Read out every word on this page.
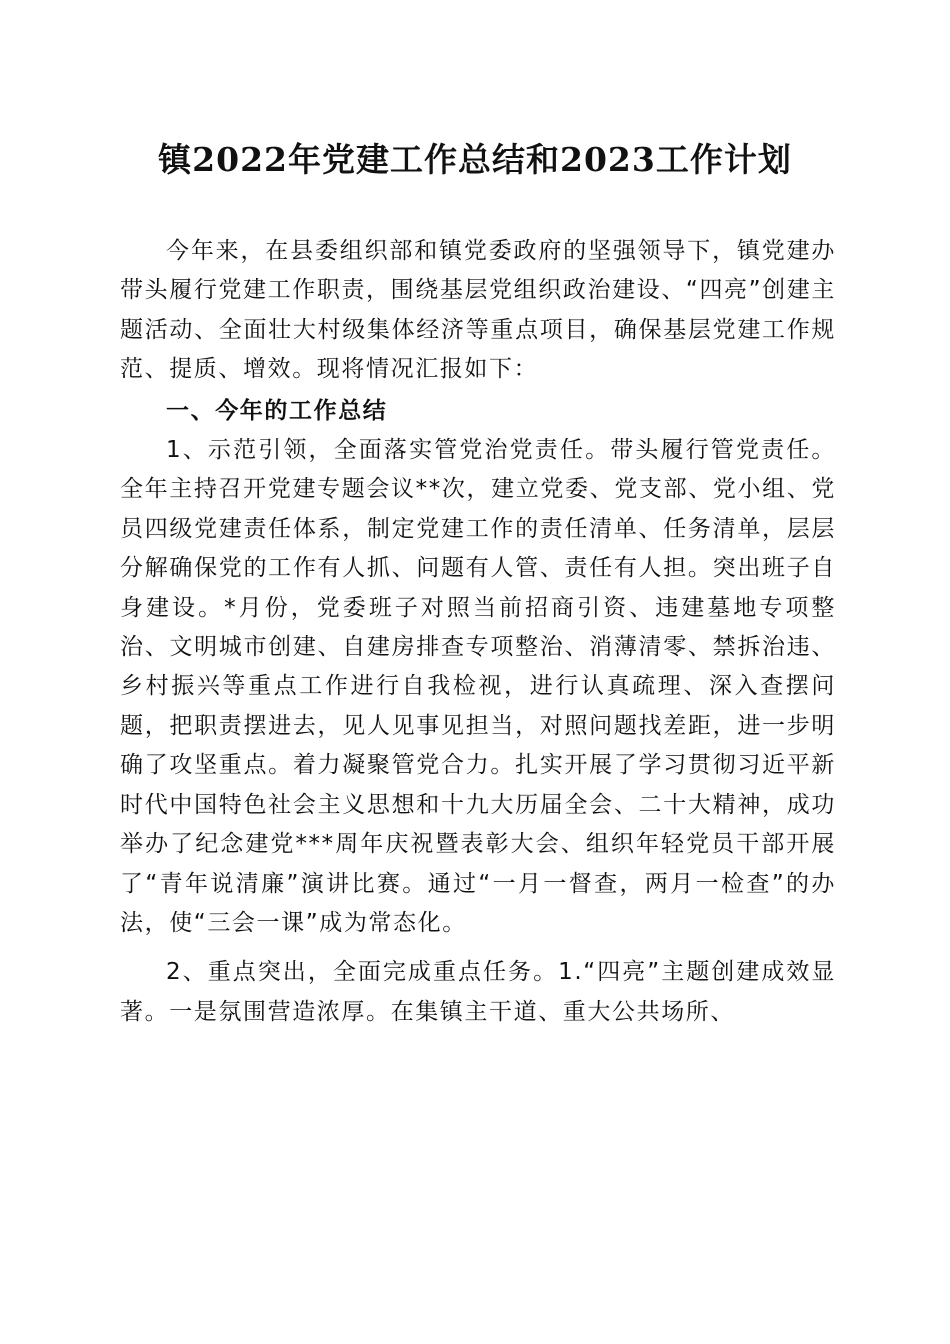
镇2022年党建工作总结和2023工作计划

今年来，在县委组织部和镇党委政府的坚强领导下，镇党建办带头履行党建工作职责，围绕基层党组织政治建设、“四亮”创建主题活动、全面壮大村级集体经济等重点项目，确保基层党建工作规范、提质、增效。现将情况汇报如下：

一、今年的工作总结

1、示范引领，全面落实管党治党责任。带头履行管党责任。全年主持召开党建专题会议**次，建立党委、党支部、党小组、党员四级党建责任体系，制定党建工作的责任清单、任务清单，层层分解确保党的工作有人抓、问题有人管、责任有人担。突出班子自身建设。*月份，党委班子对照当前招商引资、违建墓地专项整治、文明城市创建、自建房排查专项整治、消薄清零、禁拆治违、乡村振兴等重点工作进行自我检视，进行认真疏理、深入查摆问题，把职责摆进去，见人见事见担当，对照问题找差距，进一步明确了攻坚重点。着力凝聚管党合力。扎实开展了学习贯彻习近平新时代中国特色社会主义思想和十九大历届全会、二十大精神，成功举办了纪念建党***周年庆祝暨表彰大会、组织年轻党员干部开展了“青年说清廉”演讲比赛。通过“一月一督查，两月一检查”的办法，使“三会一课”成为常态化。

2、重点突出，全面完成重点任务。1.“四亮”主题创建成效显著。一是氛围营造浓厚。在集镇主干道、重大公共场所、
